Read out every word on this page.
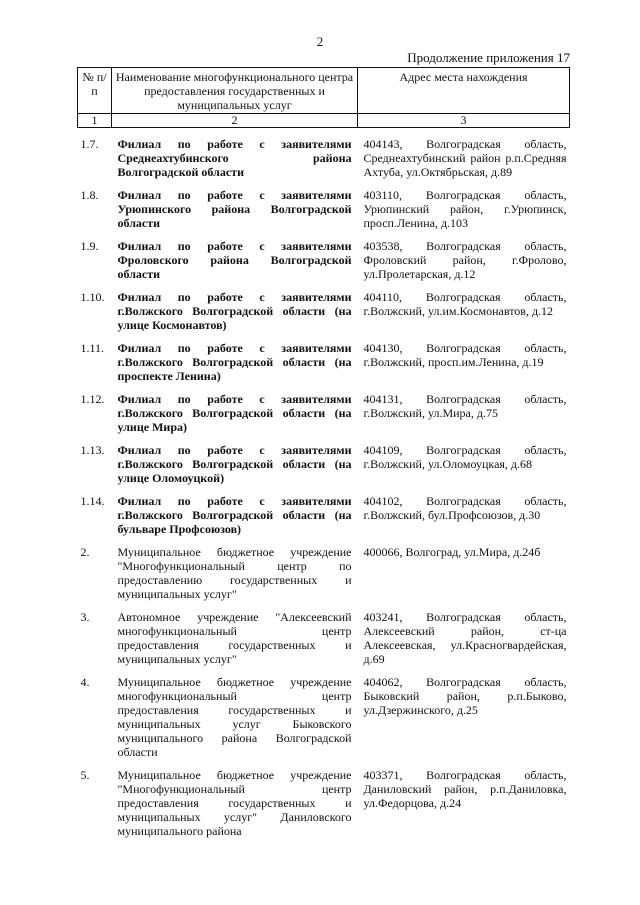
2
Продолжение приложения 17
№ п/п	Наименование многофункционального центра предоставления государственных и муниципальных услуг	Адрес места нахождения
1	2	3

1.7.	Филиал по работе с заявителями Среднеахтубинского района Волгоградской области	404143, Волгоградская область, Среднеахтубинский район р.п.Средняя Ахтуба, ул.Октябрьская, д.89

1.8.	Филиал по работе с заявителями Урюпинского района Волгоградской области	403110, Волгоградская область, Урюпинский район, г.Урюпинск, просп.Ленина, д.103

1.9.	Филиал по работе с заявителями Фроловского района Волгоградской области	403538, Волгоградская область, Фроловский район, г.Фролово, ул.Пролетарская, д.12

1.10.	Филиал по работе с заявителями г.Волжского Волгоградской области (на улице Космонавтов)	404110, Волгоградская область, г.Волжский, ул.им.Космонавтов, д.12

1.11.	Филиал по работе с заявителями г.Волжского Волгоградской области (на проспекте Ленина)	404130, Волгоградская область, г.Волжский, просп.им.Ленина, д.19

1.12.	Филиал по работе с заявителями г.Волжского Волгоградской области (на улице Мира)	404131, Волгоградская область, г.Волжский, ул.Мира, д.75

1.13.	Филиал по работе с заявителями г.Волжского Волгоградской области (на улице Оломоуцкой)	404109, Волгоградская область, г.Волжский, ул.Оломоуцкая, д.68

1.14.	Филиал по работе с заявителями г.Волжского Волгоградской области (на бульваре Профсоюзов)	404102, Волгоградская область, г.Волжский, бул.Профсоюзов, д.30

2.	Муниципальное бюджетное учреждение "Многофункциональный центр по предоставлению государственных и муниципальных услуг"	400066, Волгоград, ул.Мира, д.24б

3.	Автономное учреждение "Алексеевский многофункциональный центр предоставления государственных и муниципальных услуг"	403241, Волгоградская область, Алексеевский район, ст-ца Алексеевская, ул.Красногвардейская, д.69

4.	Муниципальное бюджетное учреждение многофункциональный центр предоставления государственных и муниципальных услуг Быковского муниципального района Волгоградской области	404062, Волгоградская область, Быковский район, р.п.Быково, ул.Дзержинского, д.25

5.	Муниципальное бюджетное учреждение "Многофункциональный центр предоставления государственных и муниципальных услуг" Даниловского муниципального района	403371, Волгоградская область, Даниловский район, р.п.Даниловка, ул.Федорцова, д.24
